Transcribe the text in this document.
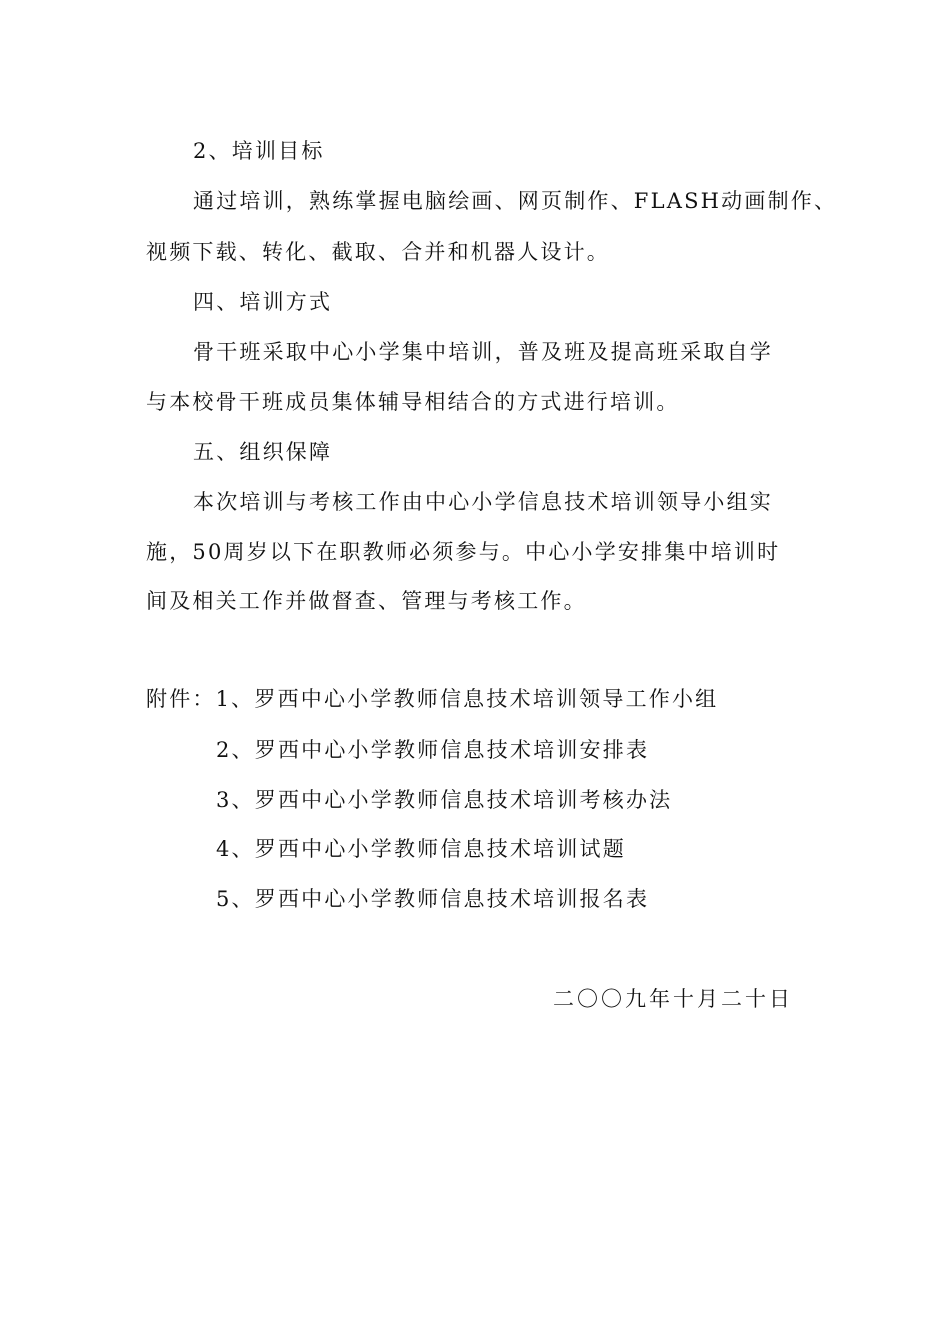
2、培训目标
通过培训，熟练掌握电脑绘画、网页制作、FLASH动画制作、
视频下载、转化、截取、合并和机器人设计。
四、培训方式
骨干班采取中心小学集中培训，普及班及提高班采取自学
与本校骨干班成员集体辅导相结合的方式进行培训。
五、组织保障
本次培训与考核工作由中心小学信息技术培训领导小组实
施，50周岁以下在职教师必须参与。中心小学安排集中培训时
间及相关工作并做督查、管理与考核工作。
附件：1、罗西中心小学教师信息技术培训领导工作小组
2、罗西中心小学教师信息技术培训安排表
3、罗西中心小学教师信息技术培训考核办法
4、罗西中心小学教师信息技术培训试题
5、罗西中心小学教师信息技术培训报名表
二〇〇九年十月二十日
